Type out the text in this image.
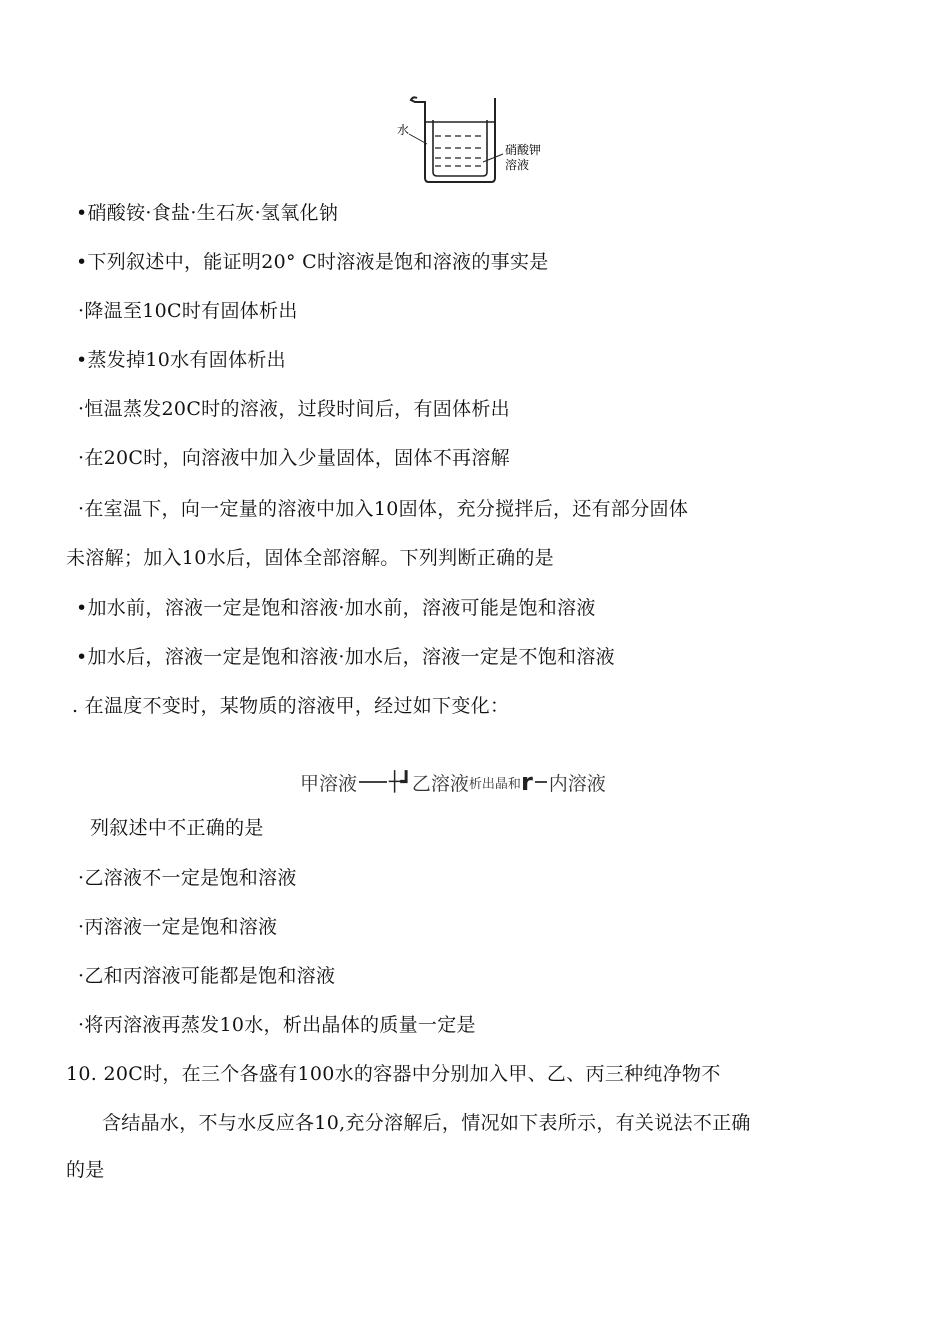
水
硝酸钾
溶液
•硝酸铵·食盐·生石灰·氢氧化钠
•下列叙述中，能证明20° C时溶液是饱和溶液的事实是
·降温至10C时有固体析出
•蒸发掉10水有固体析出
·恒温蒸发20C时的溶液，过段时间后，有固体析出
·在20C时，向溶液中加入少量固体，固体不再溶解
·在室温下，向一定量的溶液中加入10固体，充分搅拌后，还有部分固体
未溶解；加入10水后，固体全部溶解。下列判断正确的是
•加水前，溶液一定是饱和溶液·加水前，溶液可能是饱和溶液
•加水后，溶液一定是饱和溶液·加水后，溶液一定是不饱和溶液
. 在温度不变时，某物质的溶液甲，经过如下变化：
甲溶液 ┼┛乙溶液析出晶和r 内溶液
列叙述中不正确的是
·乙溶液不一定是饱和溶液
·丙溶液一定是饱和溶液
·乙和丙溶液可能都是饱和溶液
·将丙溶液再蒸发10水，析出晶体的质量一定是
10. 20C时，在三个各盛有100水的容器中分别加入甲、乙、丙三种纯净物不
含结晶水，不与水反应各10,充分溶解后，情况如下表所示，有关说法不正确
的是
